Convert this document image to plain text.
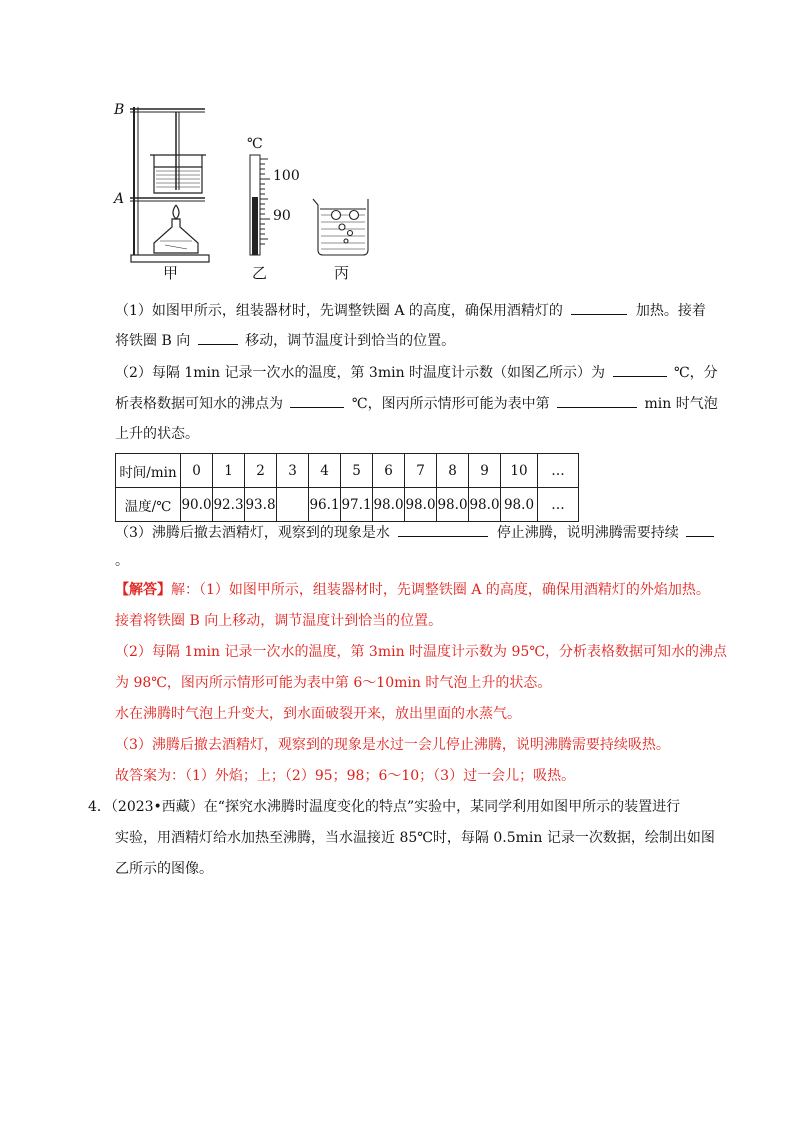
B
A
℃
100
90
甲	乙	丙
（1）如图甲所示，组装器材时，先调整铁圈 A 的高度，确保用酒精灯的	加热。接着
将铁圈 B 向	移动，调节温度计到恰当的位置。
（2）每隔 1min 记录一次水的温度，第 3min 时温度计示数（如图乙所示）为	℃，分
析表格数据可知水的沸点为	℃，图丙所示情形可能为表中第	min 时气泡
上升的状态。
时间/min	0	1	2	3	4	5	6	7	8	9	10	…
温度/℃	90.0	92.3	93.8		96.1	97.1	98.0	98.0	98.0	98.0	98.0	…
（3）沸腾后撤去酒精灯，观察到的现象是水	停止沸腾，说明沸腾需要持续
。
【解答】解：（1）如图甲所示，组装器材时，先调整铁圈 A 的高度，确保用酒精灯的外焰加热。
接着将铁圈 B 向上移动，调节温度计到恰当的位置。
（2）每隔 1min 记录一次水的温度，第 3min 时温度计示数为 95℃，分析表格数据可知水的沸点
为 98℃，图丙所示情形可能为表中第 6～10min 时气泡上升的状态。
水在沸腾时气泡上升变大，到水面破裂开来，放出里面的水蒸气。
（3）沸腾后撤去酒精灯，观察到的现象是水过一会儿停止沸腾，说明沸腾需要持续吸热。
故答案为：（1）外焰；上；（2）95；98；6～10；（3）过一会儿；吸热。
4．（2023•西藏）在“探究水沸腾时温度变化的特点”实验中，某同学利用如图甲所示的装置进行
实验，用酒精灯给水加热至沸腾，当水温接近 85℃时，每隔 0.5min 记录一次数据，绘制出如图
乙所示的图像。
